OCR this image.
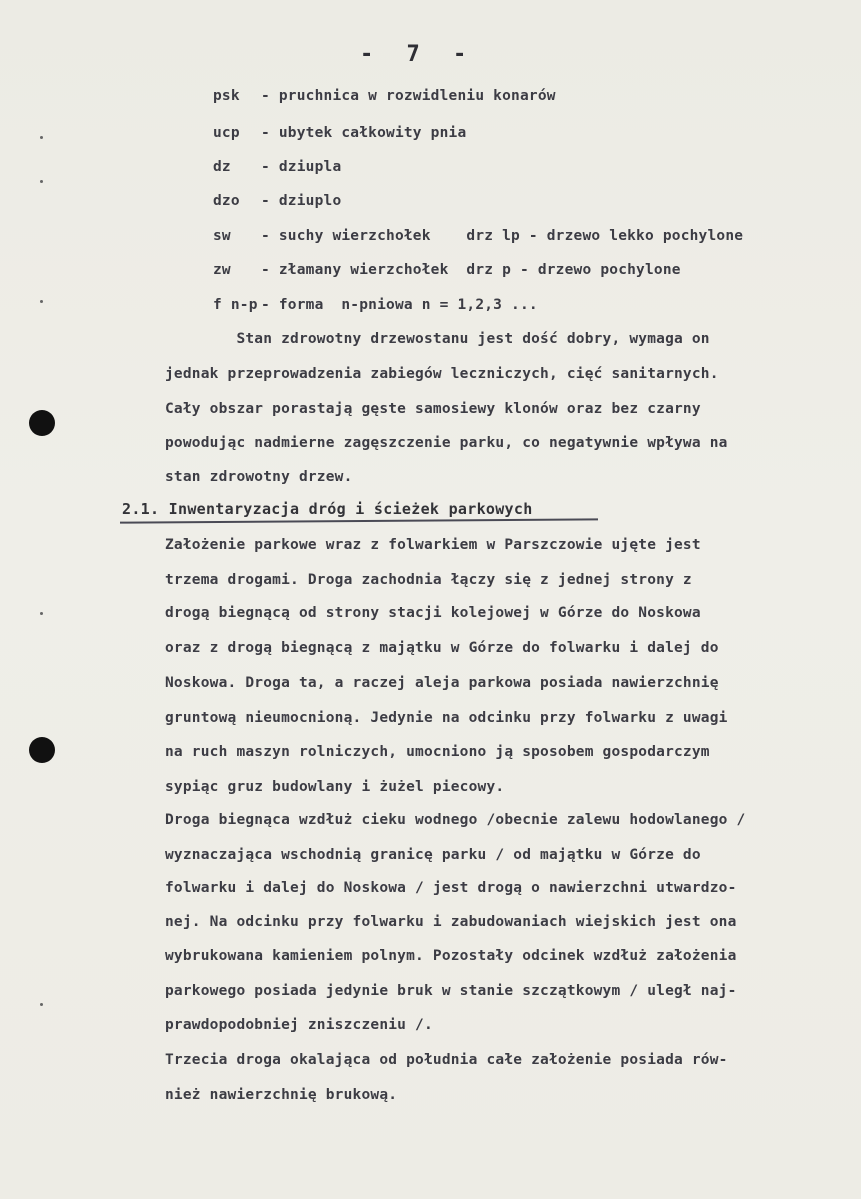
- 7 -
psk - pruchnica w rozwidleniu konarów
ucp - ubytek całkowity pnia
dz - dziupla
dzo - dziuplo
sw - suchy wierzchołek    drz lp - drzewo lekko pochylone
zw - złamany wierzchołek  drz p - drzewo pochylone
f n-p - forma  n-pniowa n = 1,2,3 ...
Stan zdrowotny drzewostanu jest dość dobry, wymaga on
jednak przeprowadzenia zabiegów leczniczych, cięć sanitarnych.
Cały obszar porastają gęste samosiewy klonów oraz bez czarny
powodując nadmierne zagęszczenie parku, co negatywnie wpływa na
stan zdrowotny drzew.
2.1. Inwentaryzacja dróg i ścieżek parkowych
Założenie parkowe wraz z folwarkiem w Parszczowie ujęte jest
trzema drogami. Droga zachodnia łączy się z jednej strony z
drogą biegnącą od strony stacji kolejowej w Górze do Noskowa
oraz z drogą biegnącą z majątku w Górze do folwarku i dalej do
Noskowa. Droga ta, a raczej aleja parkowa posiada nawierzchnię
gruntową nieumocnioną. Jedynie na odcinku przy folwarku z uwagi
na ruch maszyn rolniczych, umocniono ją sposobem gospodarczym
sypiąc gruz budowlany i żużel piecowy.
Droga biegnąca wzdłuż cieku wodnego /obecnie zalewu hodowlanego /
wyznaczająca wschodnią granicę parku / od majątku w Górze do
folwarku i dalej do Noskowa / jest drogą o nawierzchni utwardzo-
nej. Na odcinku przy folwarku i zabudowaniach wiejskich jest ona
wybrukowana kamieniem polnym. Pozostały odcinek wzdłuż założenia
parkowego posiada jedynie bruk w stanie szczątkowym / uległ naj-
prawdopodobniej zniszczeniu /.
Trzecia droga okalająca od południa całe założenie posiada rów-
nież nawierzchnię brukową.
